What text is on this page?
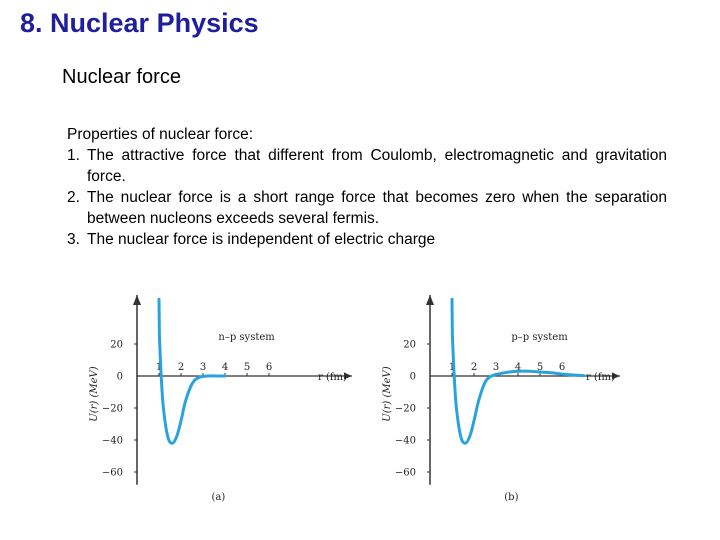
8. Nuclear Physics
Nuclear force

Properties of nuclear force:

1. The attractive force that different from Coulomb, electromagnetic and gravitation force.
2. The nuclear force is a short range force that becomes zero when the separation between nucleons exceeds several fermis.
3. The nuclear force is independent of electric charge
20
0
−20
−40
−60
1 2 3 4 5 6
r (fm)
U(r) (MeV)
n–p system
(a)
20
0
−20
−40
−60
1 2 3 4 5 6
r (fm)
U(r) (MeV)
p–p system
(b)
